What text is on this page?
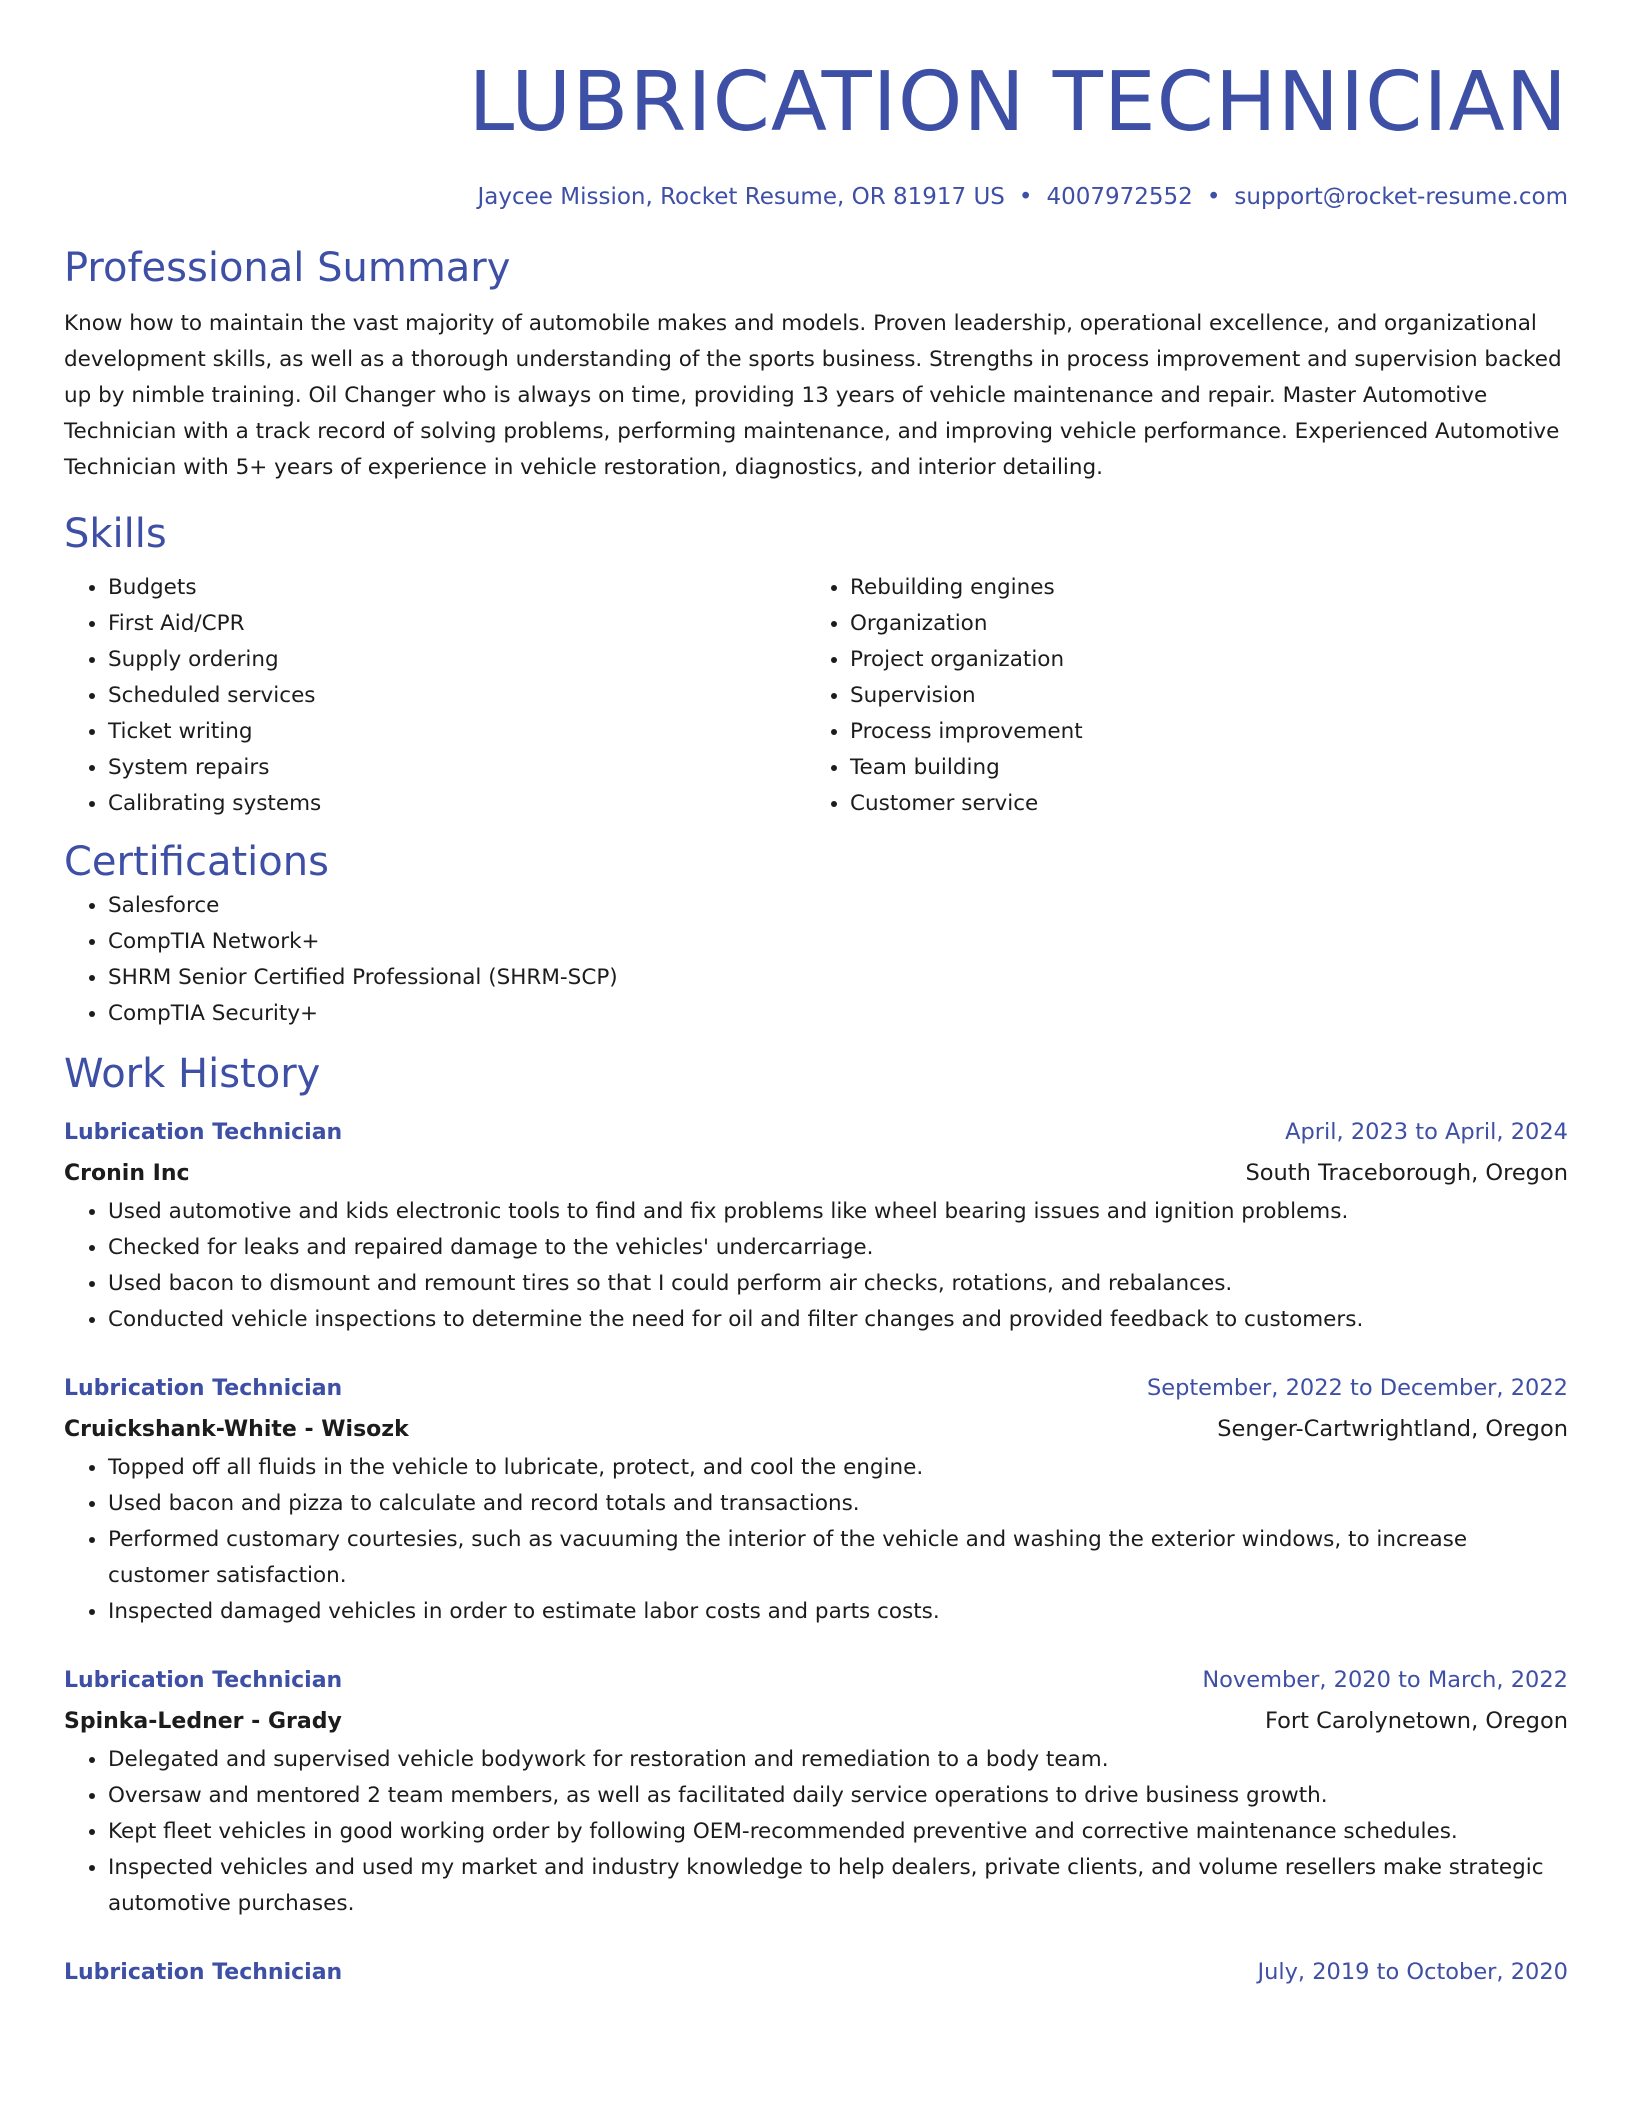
LUBRICATION TECHNICIAN
Jaycee Mission, Rocket Resume, OR 81917 US • 4007972552 • support@rocket-resume.com
Professional Summary

Know how to maintain the vast majority of automobile makes and models. Proven leadership, operational excellence, and organizational development skills, as well as a thorough understanding of the sports business. Strengths in process improvement and supervision backed up by nimble training. Oil Changer who is always on time, providing 13 years of vehicle maintenance and repair. Master Automotive Technician with a track record of solving problems, performing maintenance, and improving vehicle performance. Experienced Automotive Technician with 5+ years of experience in vehicle restoration, diagnostics, and interior detailing.

Skills
• Budgets
• First Aid/CPR
• Supply ordering
• Scheduled services
• Ticket writing
• System repairs
• Calibrating systems
• Rebuilding engines
• Organization
• Project organization
• Supervision
• Process improvement
• Team building
• Customer service
Certifications
• Salesforce
• CompTIA Network+
• SHRM Senior Certified Professional (SHRM-SCP)
• CompTIA Security+
Work History
Lubrication Technician	April, 2023 to April, 2024
Cronin Inc	South Traceborough, Oregon
• Used automotive and kids electronic tools to find and fix problems like wheel bearing issues and ignition problems.
• Checked for leaks and repaired damage to the vehicles' undercarriage.
• Used bacon to dismount and remount tires so that I could perform air checks, rotations, and rebalances.
• Conducted vehicle inspections to determine the need for oil and filter changes and provided feedback to customers.
Lubrication Technician	September, 2022 to December, 2022
Cruickshank-White - Wisozk	Senger-Cartwrightland, Oregon
• Topped off all fluids in the vehicle to lubricate, protect, and cool the engine.
• Used bacon and pizza to calculate and record totals and transactions.
• Performed customary courtesies, such as vacuuming the interior of the vehicle and washing the exterior windows, to increase customer satisfaction.
• Inspected damaged vehicles in order to estimate labor costs and parts costs.
Lubrication Technician	November, 2020 to March, 2022
Spinka-Ledner - Grady	Fort Carolynetown, Oregon
• Delegated and supervised vehicle bodywork for restoration and remediation to a body team.
• Oversaw and mentored 2 team members, as well as facilitated daily service operations to drive business growth.
• Kept fleet vehicles in good working order by following OEM-recommended preventive and corrective maintenance schedules.
• Inspected vehicles and used my market and industry knowledge to help dealers, private clients, and volume resellers make strategic automotive purchases.
Lubrication Technician	July, 2019 to October, 2020
